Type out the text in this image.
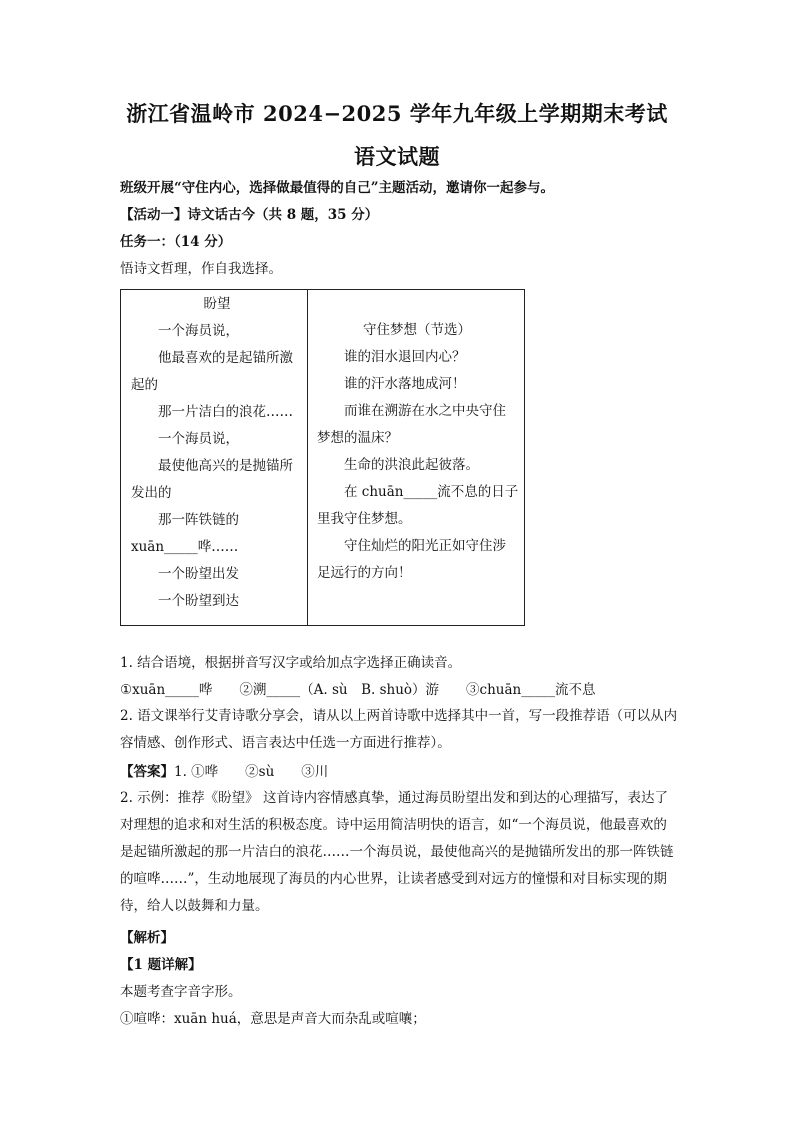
浙江省温岭市 2024−2025 学年九年级上学期期末考试
语文试题
班级开展“守住内心，选择做最值得的自己”主题活动，邀请你一起参与。
【活动一】诗文话古今（共 8 题，35 分）
任务一：（14 分）
悟诗文哲理，作自我选择。
盼望
一个海员说，
他最喜欢的是起锚所激
起的
那一片洁白的浪花……
一个海员说，
最使他高兴的是抛锚所
发出的
那一阵铁链的
xuān_____哗……
一个盼望出发
一个盼望到达
守住梦想（节选）
谁的泪水退回内心？
谁的汗水落地成河！
而谁在溯游在水之中央守住
梦想的温床？
生命的洪浪此起彼落。
在 chuān_____流不息的日子
里我守住梦想。
守住灿烂的阳光正如守住涉
足远行的方向！
1. 结合语境，根据拼音写汉字或给加点字选择正确读音。
①xuān_____哗　　②溯_____（A. sù　B. shuò）游　　③chuān_____流不息

2. 语文课举行艾青诗歌分享会，请从以上两首诗歌中选择其中一首，写一段推荐语（可以从内容情感、创作形式、语言表达中任选一方面进行推荐）。

【答案】1. ①哗　　②sù　　③川

2. 示例：推荐《盼望》 这首诗内容情感真挚，通过海员盼望出发和到达的心理描写，表达了对理想的追求和对生活的积极态度。诗中运用简洁明快的语言，如“一个海员说，他最喜欢的是起锚所激起的那一片洁白的浪花……一个海员说，最使他高兴的是抛锚所发出的那一阵铁链的喧哗……”，生动地展现了海员的内心世界，让读者感受到对远方的憧憬和对目标实现的期待，给人以鼓舞和力量。

【解析】
【1 题详解】
本题考查字音字形。
①喧哗：xuān huá，意思是声音大而杂乱或喧嚷；
